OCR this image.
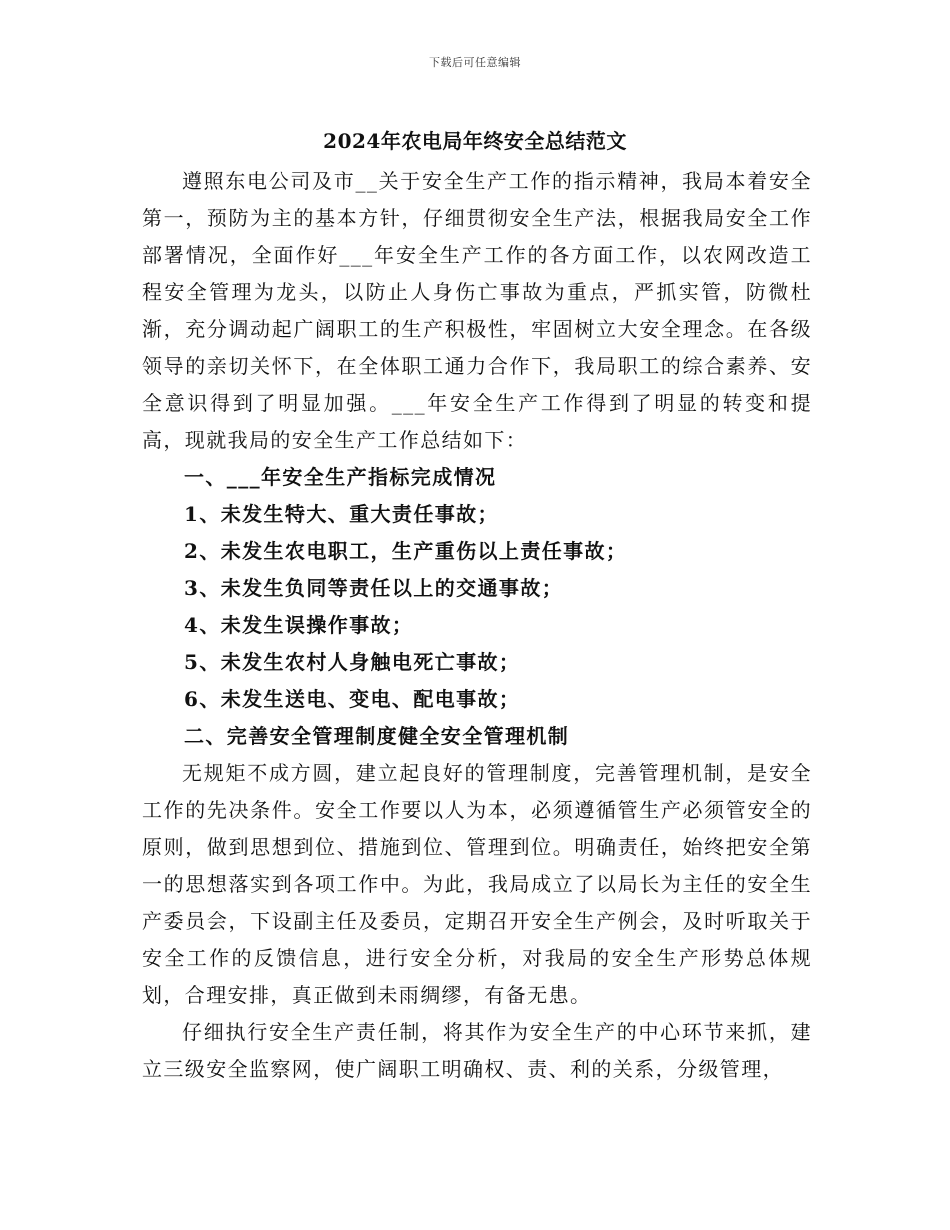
下载后可任意编辑
2024年农电局年终安全总结范文

遵照东电公司及市__关于安全生产工作的指示精神，我局本着安全第一，预防为主的基本方针，仔细贯彻安全生产法，根据我局安全工作部署情况，全面作好___年安全生产工作的各方面工作，以农网改造工程安全管理为龙头，以防止人身伤亡事故为重点，严抓实管，防微杜渐，充分调动起广阔职工的生产积极性，牢固树立大安全理念。在各级领导的亲切关怀下，在全体职工通力合作下，我局职工的综合素养、安全意识得到了明显加强。___年安全生产工作得到了明显的转变和提高，现就我局的安全生产工作总结如下：

一、___年安全生产指标完成情况

1、未发生特大、重大责任事故；

2、未发生农电职工，生产重伤以上责任事故；

3、未发生负同等责任以上的交通事故；

4、未发生误操作事故；

5、未发生农村人身触电死亡事故；

6、未发生送电、变电、配电事故；

二、完善安全管理制度健全安全管理机制

无规矩不成方圆，建立起良好的管理制度，完善管理机制，是安全工作的先决条件。安全工作要以人为本，必须遵循管生产必须管安全的原则，做到思想到位、措施到位、管理到位。明确责任，始终把安全第一的思想落实到各项工作中。为此，我局成立了以局长为主任的安全生产委员会，下设副主任及委员，定期召开安全生产例会，及时听取关于安全工作的反馈信息，进行安全分析，对我局的安全生产形势总体规划，合理安排，真正做到未雨绸缪，有备无患。

仔细执行安全生产责任制，将其作为安全生产的中心环节来抓，建立三级安全监察网，使广阔职工明确权、责、利的关系，分级管理，
